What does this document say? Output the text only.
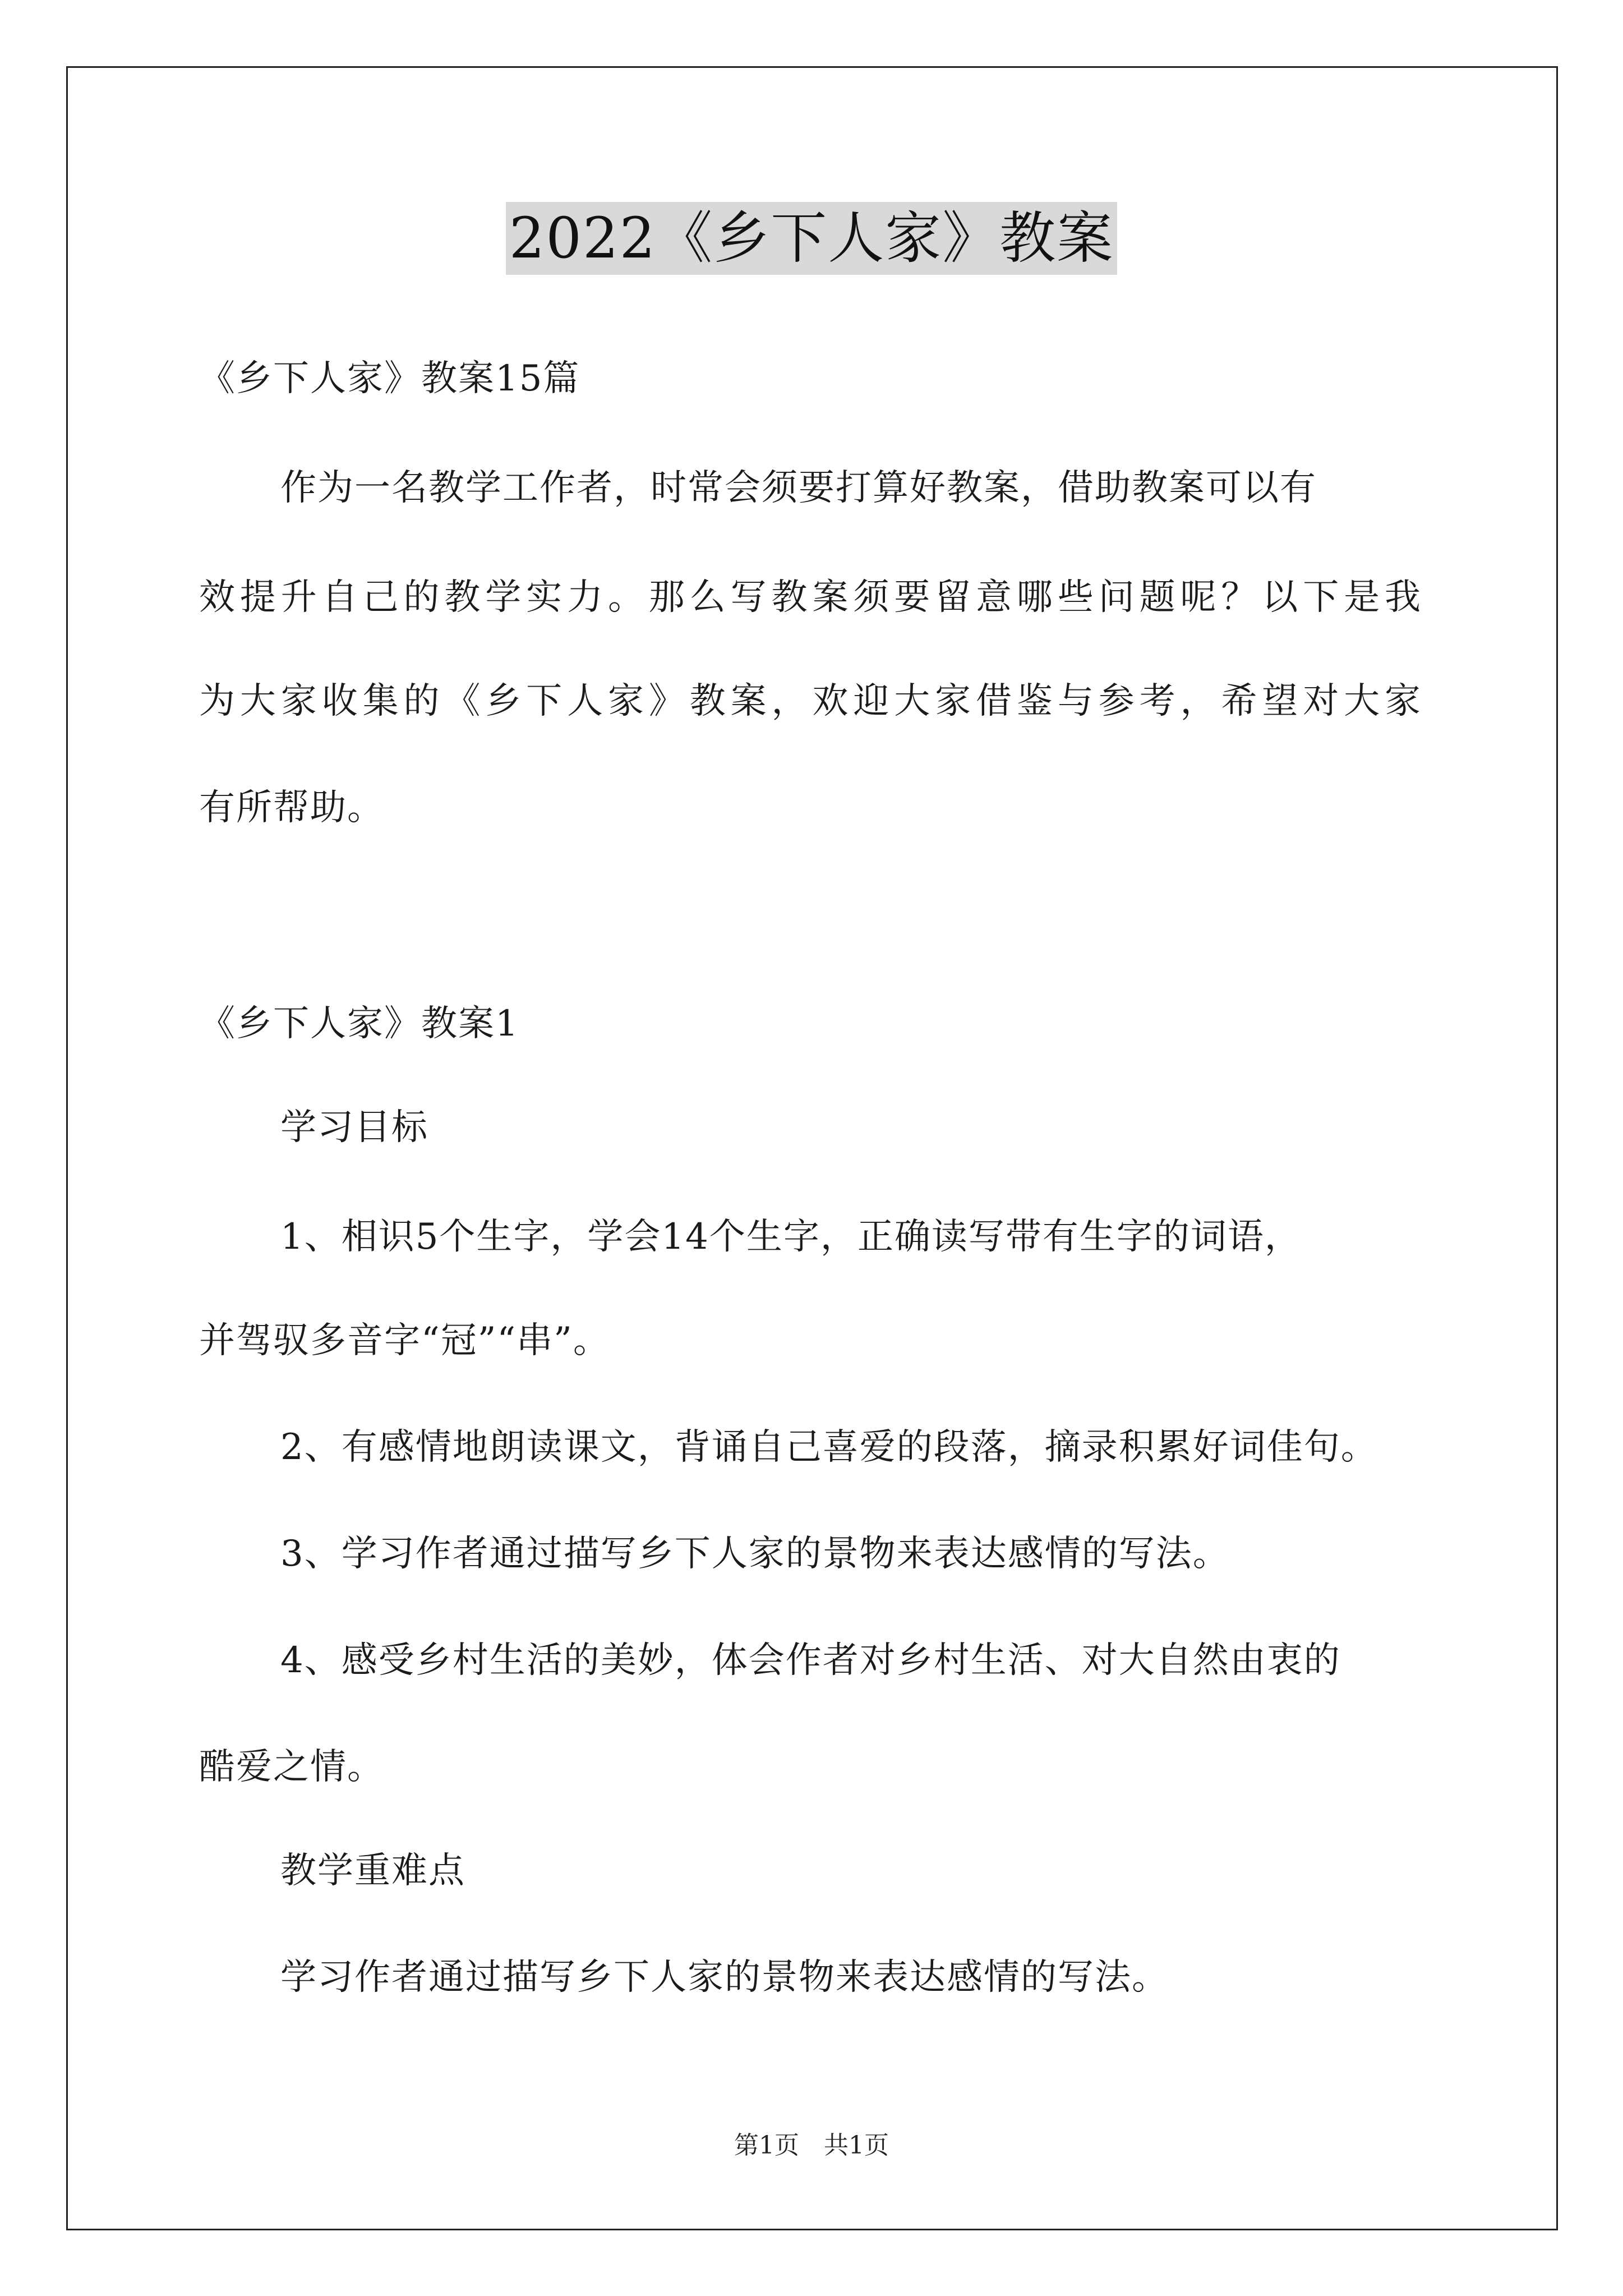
2022《乡下人家》教案
《乡下人家》教案15篇
作为一名教学工作者，时常会须要打算好教案，借助教案可以有
效提升自己的教学实力。那么写教案须要留意哪些问题呢？以下是我
为大家收集的《乡下人家》教案，欢迎大家借鉴与参考，希望对大家
有所帮助。
《乡下人家》教案1
学习目标
1、相识5个生字，学会14个生字，正确读写带有生字的词语，
并驾驭多音字“冠”“串”。
2、有感情地朗读课文，背诵自己喜爱的段落，摘录积累好词佳句。
3、学习作者通过描写乡下人家的景物来表达感情的写法。
4、感受乡村生活的美妙，体会作者对乡村生活、对大自然由衷的
酷爱之情。
教学重难点
学习作者通过描写乡下人家的景物来表达感情的写法。
第1页　共1页
